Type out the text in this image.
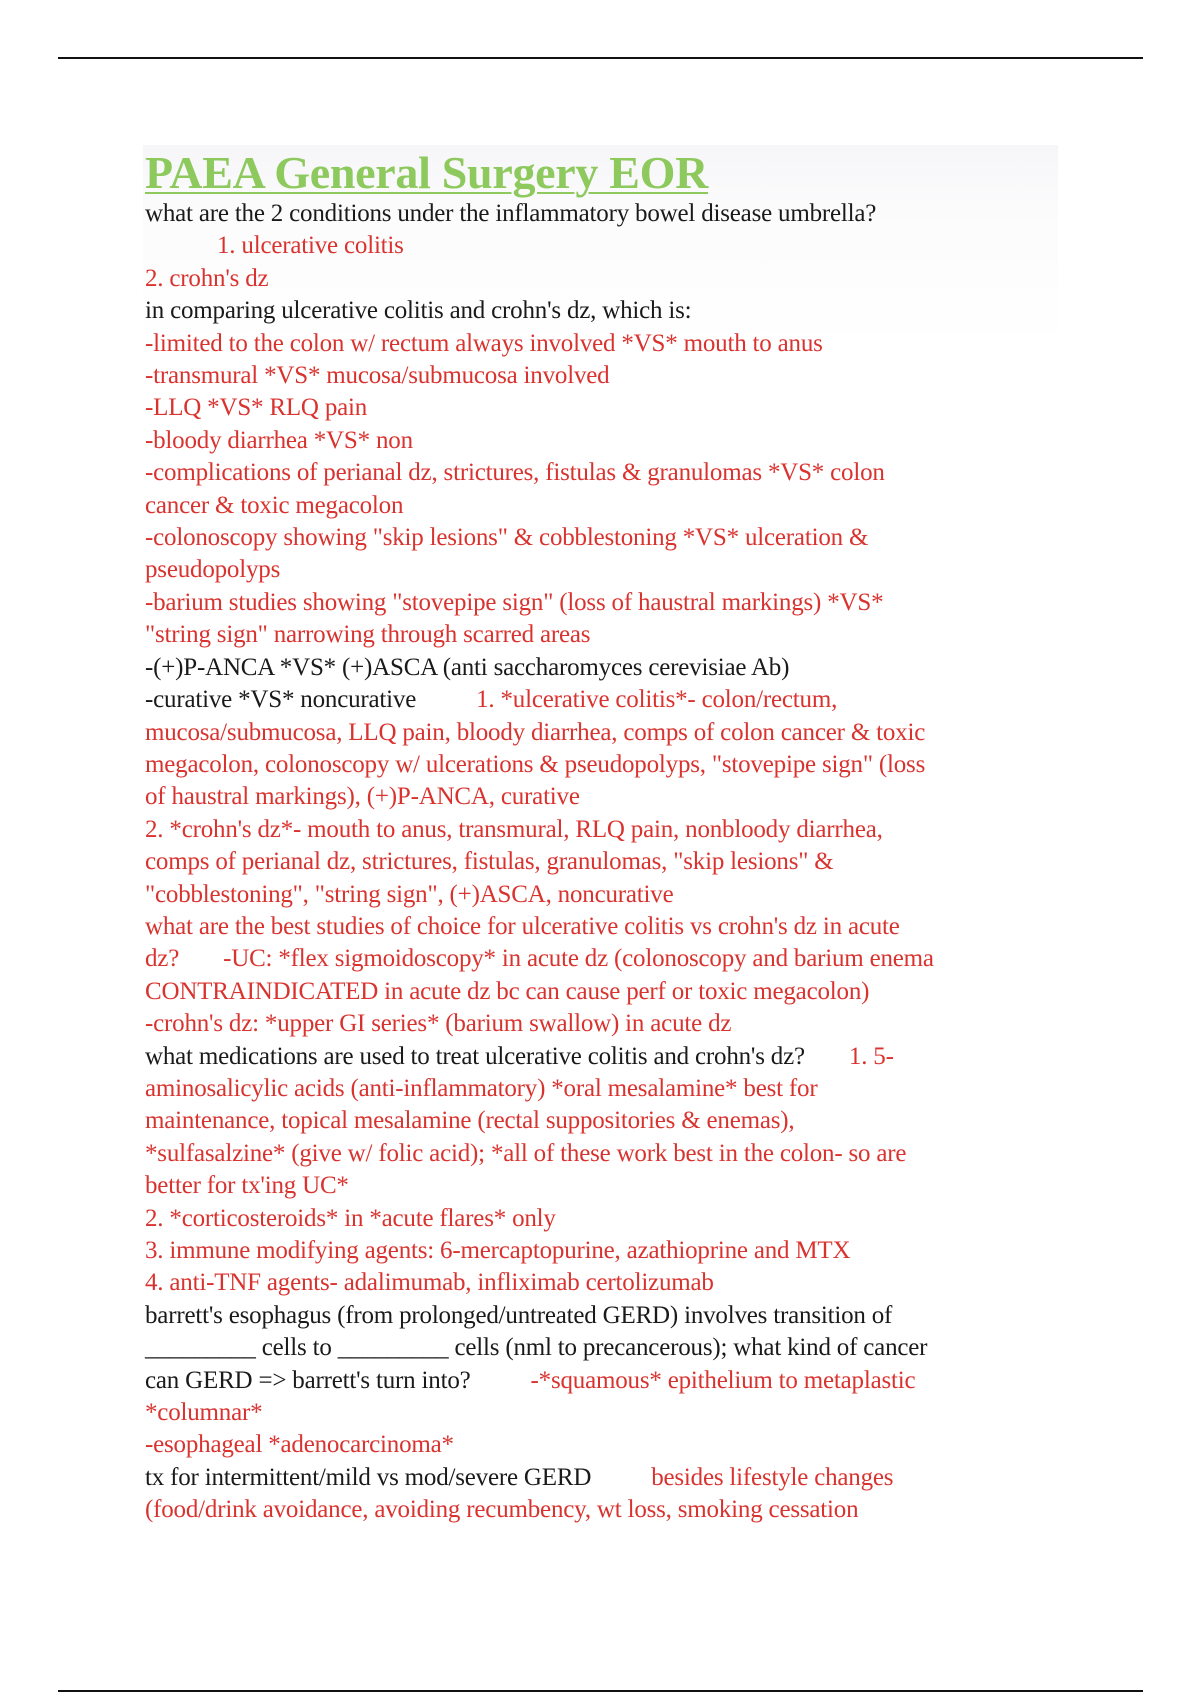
PAEA General Surgery EOR
what are the 2 conditions under the inflammatory bowel disease umbrella?
1. ulcerative colitis
2. crohn's dz
in comparing ulcerative colitis and crohn's dz, which is:
-limited to the colon w/ rectum always involved *VS* mouth to anus
-transmural *VS* mucosa/submucosa involved
-LLQ *VS* RLQ pain
-bloody diarrhea *VS* non
-complications of perianal dz, strictures, fistulas & granulomas *VS* colon
cancer & toxic megacolon
-colonoscopy showing "skip lesions" & cobblestoning *VS* ulceration &
pseudopolyps
-barium studies showing "stovepipe sign" (loss of haustral markings) *VS*
"string sign" narrowing through scarred areas
-(+)P-ANCA *VS* (+)ASCA (anti saccharomyces cerevisiae Ab)
-curative *VS* noncurative 1. *ulcerative colitis*- colon/rectum,
mucosa/submucosa, LLQ pain, bloody diarrhea, comps of colon cancer & toxic
megacolon, colonoscopy w/ ulcerations & pseudopolyps, "stovepipe sign" (loss
of haustral markings), (+)P-ANCA, curative
2. *crohn's dz*- mouth to anus, transmural, RLQ pain, nonbloody diarrhea,
comps of perianal dz, strictures, fistulas, granulomas, "skip lesions" &
"cobblestoning", "string sign", (+)ASCA, noncurative
what are the best studies of choice for ulcerative colitis vs crohn's dz in acute
dz? -UC: *flex sigmoidoscopy* in acute dz (colonoscopy and barium enema
CONTRAINDICATED in acute dz bc can cause perf or toxic megacolon)
-crohn's dz: *upper GI series* (barium swallow) in acute dz
what medications are used to treat ulcerative colitis and crohn's dz? 1. 5-
aminosalicylic acids (anti-inflammatory) *oral mesalamine* best for
maintenance, topical mesalamine (rectal suppositories & enemas),
*sulfasalzine* (give w/ folic acid); *all of these work best in the colon- so are
better for tx'ing UC*
2. *corticosteroids* in *acute flares* only
3. immune modifying agents: 6-mercaptopurine, azathioprine and MTX
4. anti-TNF agents- adalimumab, infliximab certolizumab
barrett's esophagus (from prolonged/untreated GERD) involves transition of
_________ cells to _________ cells (nml to precancerous); what kind of cancer
can GERD => barrett's turn into? -*squamous* epithelium to metaplastic
*columnar*
-esophageal *adenocarcinoma*
tx for intermittent/mild vs mod/severe GERD besides lifestyle changes
(food/drink avoidance, avoiding recumbency, wt loss, smoking cessation
